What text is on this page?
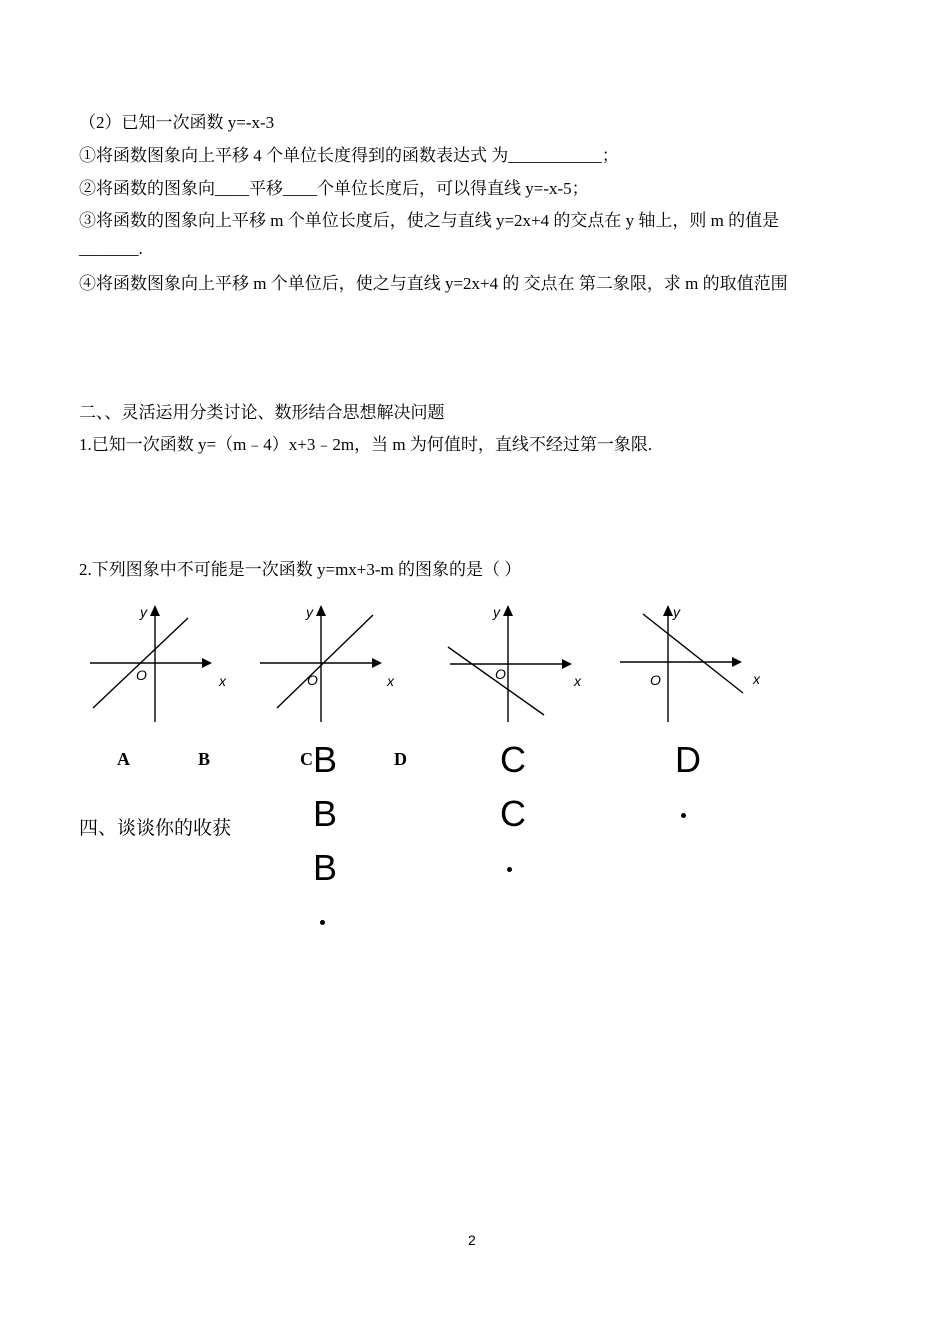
（2）已知一次函数 y=-x-3
①将函数图象向上平移 4 个单位长度得到的函数表达式 为___________；
②将函数的图象向____平移____个单位长度后，可以得直线 y=-x-5；
③将函数的图象向上平移 m 个单位长度后，使之与直线 y=2x+4 的交点在 y 轴上，则 m 的值是
_______.
④将函数图象向上平移 m 个单位后，使之与直线 y=2x+4 的 交点在 第二象限，求 m 的取值范围
二、、灵活运用分类讨论、数形结合思想解决问题
1.已知一次函数 y=（m﹣4）x+3﹣2m，当 m 为何值时，直线不经过第一象限.
2.下列图象中不可能是一次函数 y=mx+3-m 的图象的是（ ）
y
x
O
y
x
O
y
x
O
y
x
O
A	B	C	D
B
B
B
C
C
D
四、谈谈你的收获
2
